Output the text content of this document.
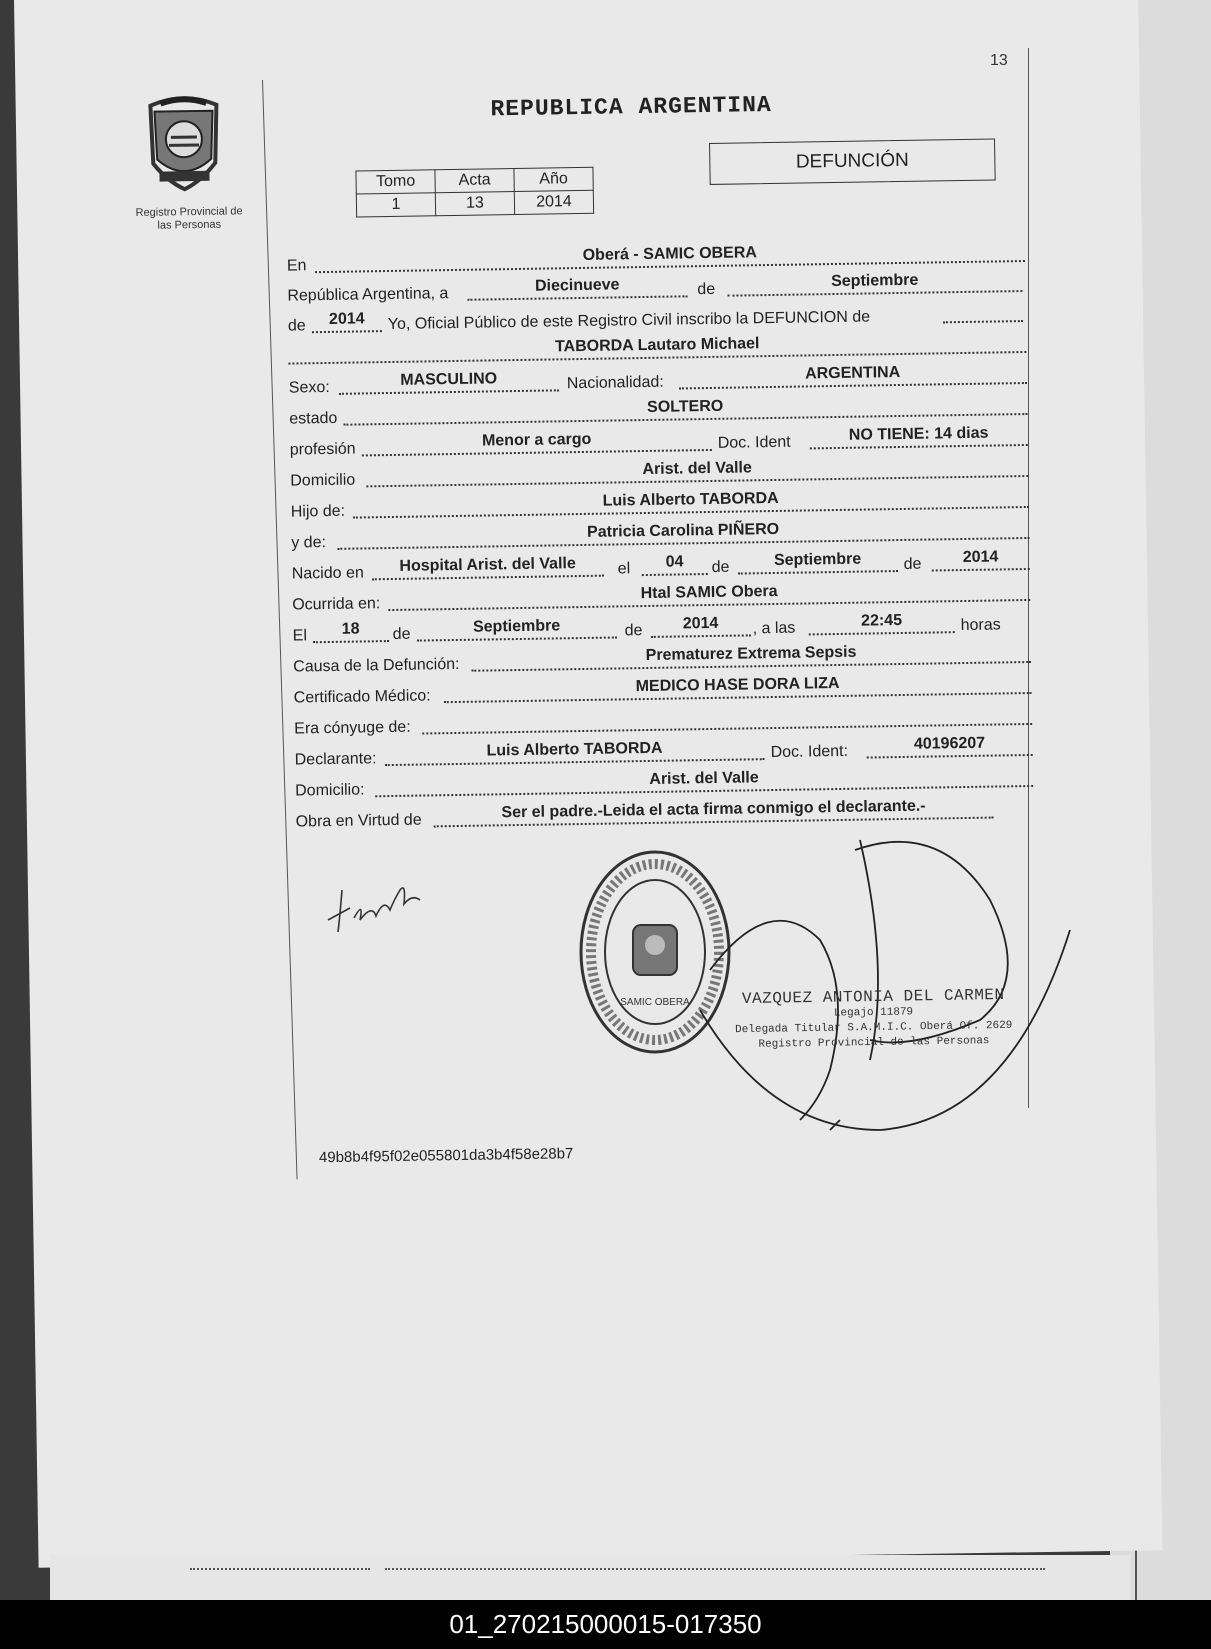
13
Registro Provincial de
las Personas
REPUBLICA ARGENTINA
Tomo	Acta	Año
1	13	2014
DEFUNCIÓN
En
Oberá - SAMIC OBERA
República Argentina, a	Diecinueve	de	Septiembre
de	2014	Yo, Oficial Público de este Registro Civil inscribo la DEFUNCION de
TABORDA Lautaro Michael
Sexo:	MASCULINO	Nacionalidad:
ARGENTINA
estado
SOLTERO
profesión
Menor a cargo	Doc. Ident	NO TIENE: 14 dias
Domicilio
Arist. del Valle
Hijo de:
Luis Alberto TABORDA
y de:
Patricia Carolina PIÑERO
Nacido en	Hospital Arist. del Valle	el	04	de	Septiembre	de	2014
Ocurrida en:
Htal SAMIC Obera
El	18	de	Septiembre	de	2014	, a las	22:45	horas
Causa de la Defunción:
Prematurez Extrema Sepsis
Certificado Médico:
MEDICO HASE DORA LIZA
Era cónyuge de:
Declarante:	Luis Alberto TABORDA	Doc. Ident:	40196207
Domicilio:
Arist. del Valle
Obra en Virtud de	Ser el padre.-Leida el acta firma conmigo el declarante.-
49b8b4f95f02e055801da3b4f58e28b7
SAMIC OBERA	VAZQUEZ ANTONIA DEL CARMEN
Legajo 11879
Delegada Titular S.A.M.I.C. Oberá Of. 2629
Registro Provincial de las Personas
01_270215000015-017350
